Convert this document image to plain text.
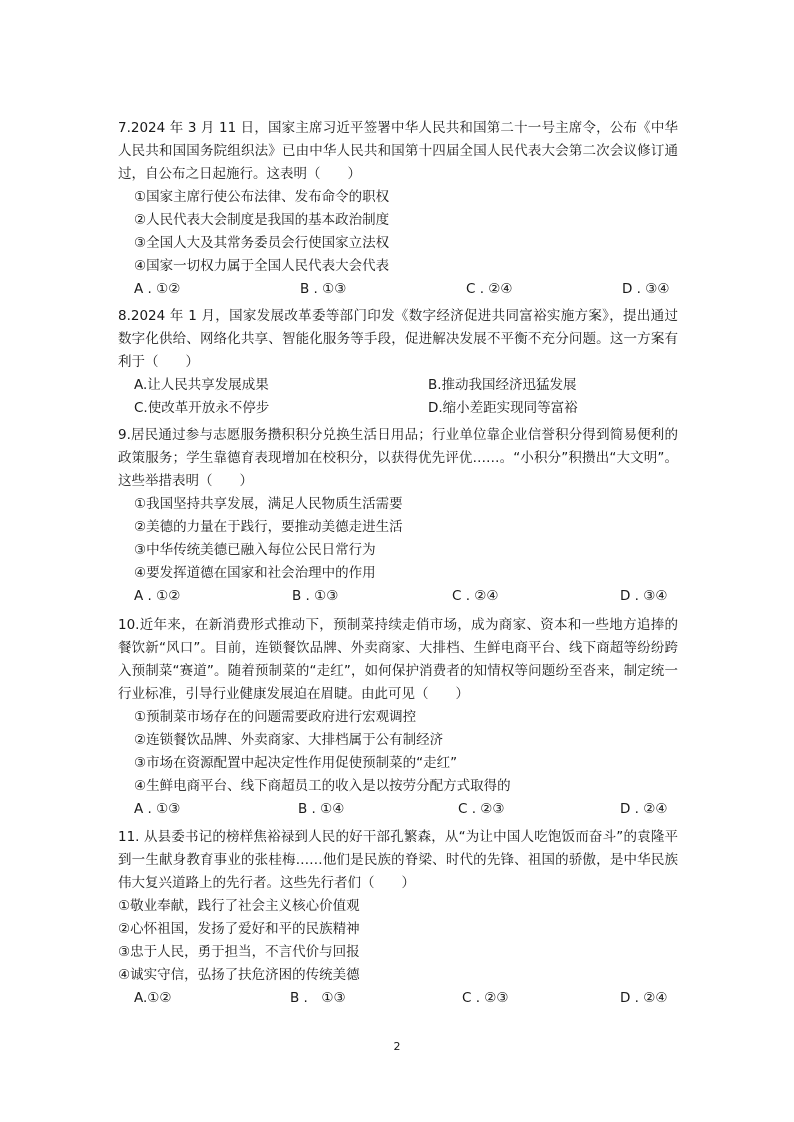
7.2024 年 3 月 11 日，国家主席习近平签署中华人民共和国第二十一号主席令，公布《中华人民共和国国务院组织法》已由中华人民共和国第十四届全国人民代表大会第二次会议修订通过，自公布之日起施行。这表明（　　）

①国家主席行使公布法律、发布命令的职权

②人民代表大会制度是我国的基本政治制度

③全国人大及其常务委员会行使国家立法权

④国家一切权力属于全国人民代表大会代表

A . ①②	B . ①③	C . ②④	D . ③④

8.2024 年 1 月，国家发展改革委等部门印发《数字经济促进共同富裕实施方案》，提出通过数字化供给、网络化共享、智能化服务等手段，促进解决发展不平衡不充分问题。这一方案有利于（　　）

A.让人民共享发展成果	B.推动我国经济迅猛发展
C.使改革开放永不停步	D.缩小差距实现同等富裕

9.居民通过参与志愿服务攒积积分兑换生活日用品；行业单位靠企业信誉积分得到简易便利的政策服务；学生靠德育表现增加在校积分，以获得优先评优……。“小积分”积攒出“大文明”。这些举措表明（　　）

①我国坚持共享发展，满足人民物质生活需要

②美德的力量在于践行，要推动美德走进生活

③中华传统美德已融入每位公民日常行为

④要发挥道德在国家和社会治理中的作用

A . ①②	B . ①③	C . ②④	D . ③④

10.近年来，在新消费形式推动下，预制菜持续走俏市场，成为商家、资本和一些地方追捧的餐饮新“风口”。目前，连锁餐饮品牌、外卖商家、大排档、生鲜电商平台、线下商超等纷纷跨入预制菜“赛道”。随着预制菜的“走红”，如何保护消费者的知情权等问题纷至沓来，制定统一行业标准，引导行业健康发展迫在眉睫。由此可见（　　）

①预制菜市场存在的问题需要政府进行宏观调控

②连锁餐饮品牌、外卖商家、大排档属于公有制经济

③市场在资源配置中起决定性作用促使预制菜的“走红”

④生鲜电商平台、线下商超员工的收入是以按劳分配方式取得的

A . ①③	B . ①④	C . ②③	D . ②④

11. 从县委书记的榜样焦裕禄到人民的好干部孔繁森，从“为让中国人吃饱饭而奋斗”的袁隆平到一生献身教育事业的张桂梅……他们是民族的脊梁、时代的先锋、祖国的骄傲，是中华民族伟大复兴道路上的先行者。这些先行者们（　　）

①敬业奉献，践行了社会主义核心价值观

②心怀祖国，发扬了爱好和平的民族精神

③忠于人民，勇于担当，不言代价与回报

④诚实守信，弘扬了扶危济困的传统美德

A.①②	B .　①③	C . ②③	D . ②④
2
